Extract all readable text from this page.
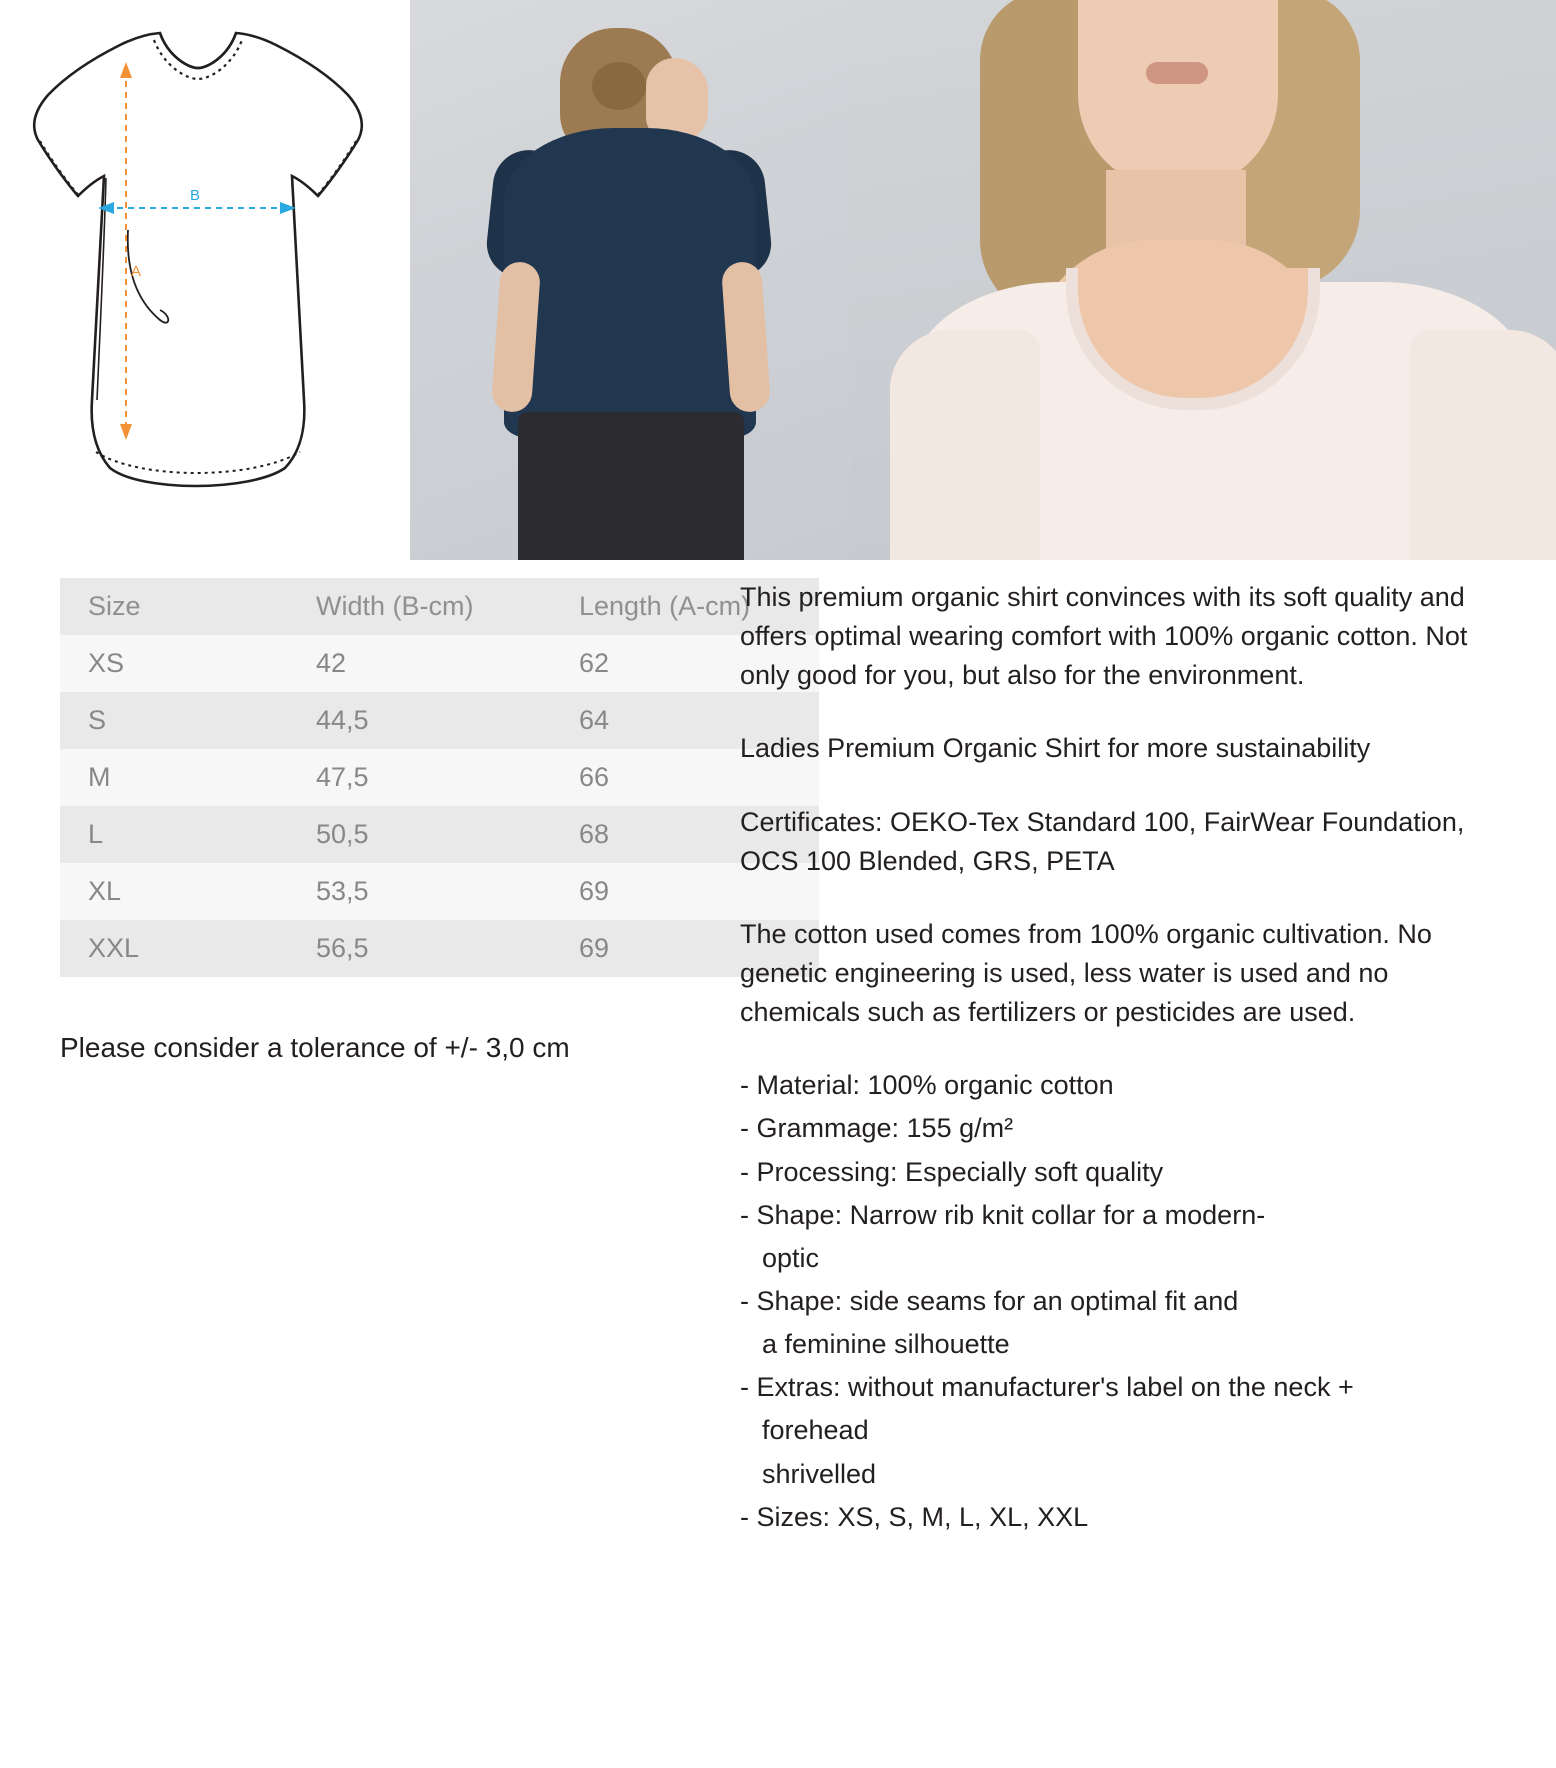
A
B
Size	Width (B-cm)	Length (A-cm)
XS	42	62
S	44,5	64
M	47,5	66
L	50,5	68
XL	53,5	69
XXL	56,5	69
Please consider a tolerance of +/- 3,0 cm

This premium organic shirt convinces with its soft quality and offers optimal wearing comfort with 100% organic cotton. Not only good for you, but also for the environment.

Ladies Premium Organic Shirt for more sustainability

Certificates: OEKO-Tex Standard 100, FairWear Foundation, OCS 100 Blended, GRS, PETA

The cotton used comes from 100% organic cultivation. No genetic engineering is used, less water is used and no chemicals such as fertilizers or pesticides are used.

- Material: 100% organic cotton
- Grammage: 155 g/m²
- Processing: Especially soft quality
- Shape: Narrow rib knit collar for a modern-
optic
- Shape: side seams for an optimal fit and
a feminine silhouette
- Extras: without manufacturer's label on the neck +
forehead
shrivelled
- Sizes: XS, S, M, L, XL, XXL
